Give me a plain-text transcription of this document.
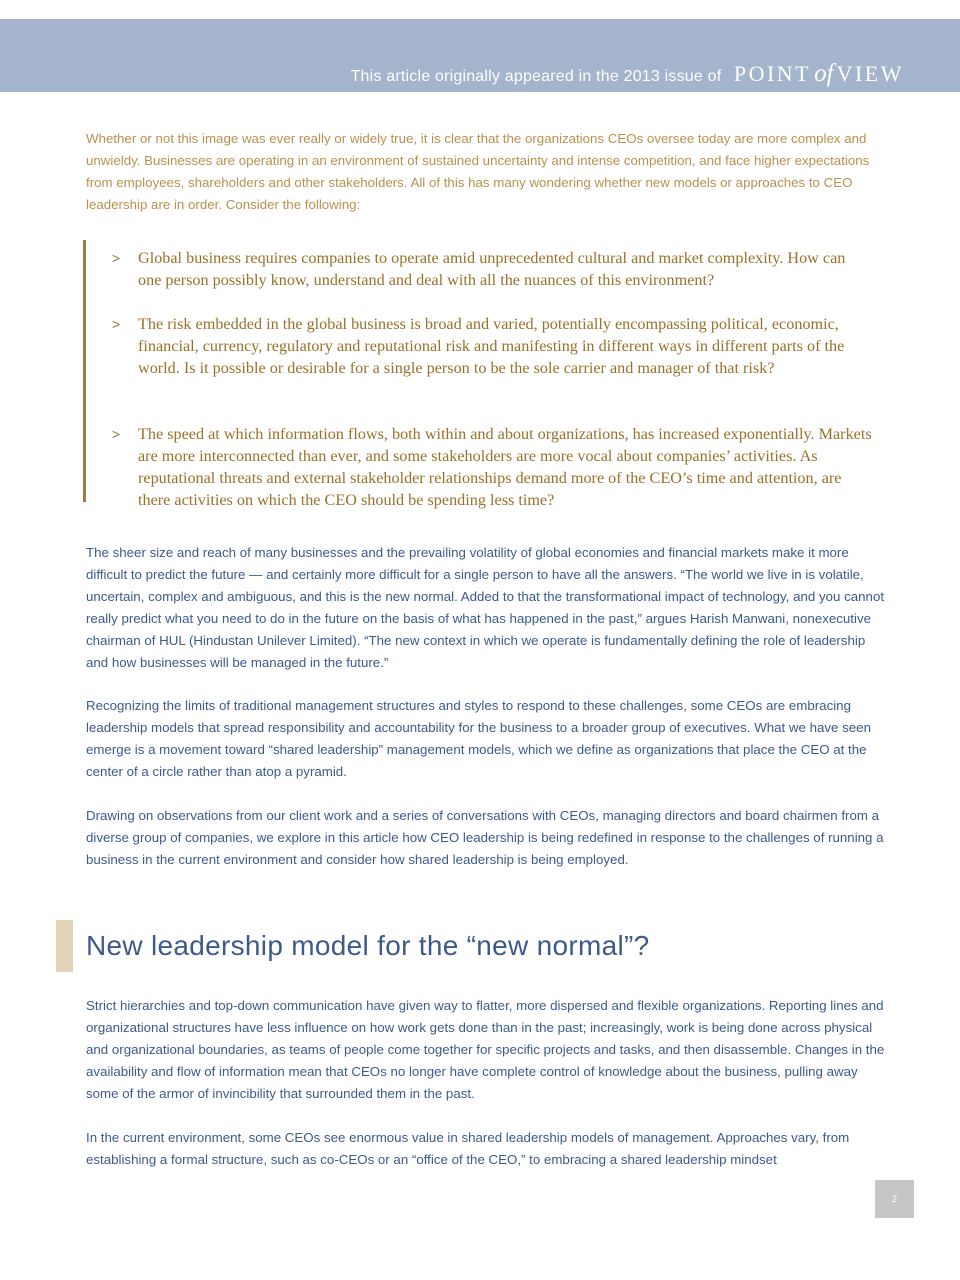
This article originally appeared in the 2013 issue of POINT of VIEW

Whether or not this image was ever really or widely true, it is clear that the organizations CEOs oversee today are more complex and unwieldy. Businesses are operating in an environment of sustained uncertainty and intense competition, and face higher expectations from employees, shareholders and other stakeholders. All of this has many wondering whether new models or approaches to CEO leadership are in order. Consider the following:

>	Global business requires companies to operate amid unprecedented cultural and market complexity. How can one person possibly know, understand and deal with all the nuances of this environment?
>	The risk embedded in the global business is broad and varied, potentially encompassing political, economic, financial, currency, regulatory and reputational risk and manifesting in different ways in different parts of the world. Is it possible or desirable for a single person to be the sole carrier and manager of that risk?
>	The speed at which information flows, both within and about organizations, has increased exponentially. Markets are more interconnected than ever, and some stakeholders are more vocal about companies’ activities. As reputational threats and external stakeholder relationships demand more of the CEO’s time and attention, are there activities on which the CEO should be spending less time?

The sheer size and reach of many businesses and the prevailing volatility of global economies and financial markets make it more difficult to predict the future — and certainly more difficult for a single person to have all the answers. “The world we live in is volatile, uncertain, complex and ambiguous, and this is the new normal. Added to that the transformational impact of technology, and you cannot really predict what you need to do in the future on the basis of what has happened in the past,” argues Harish Manwani, nonexecutive chairman of HUL (Hindustan Unilever Limited). “The new context in which we operate is fundamentally defining the role of leadership and how businesses will be managed in the future.”

Recognizing the limits of traditional management structures and styles to respond to these challenges, some CEOs are embracing leadership models that spread responsibility and accountability for the business to a broader group of executives. What we have seen emerge is a movement toward “shared leadership” management models, which we define as organizations that place the CEO at the center of a circle rather than atop a pyramid.

Drawing on observations from our client work and a series of conversations with CEOs, managing directors and board chairmen from a diverse group of companies, we explore in this article how CEO leadership is being redefined in response to the challenges of running a business in the current environment and consider how shared leadership is being employed.

New leadership model for the “new normal”?

Strict hierarchies and top-down communication have given way to flatter, more dispersed and flexible organizations. Reporting lines and organizational structures have less influence on how work gets done than in the past; increasingly, work is being done across physical and organizational boundaries, as teams of people come together for specific projects and tasks, and then disassemble. Changes in the availability and flow of information mean that CEOs no longer have complete control of knowledge about the business, pulling away some of the armor of invincibility that surrounded them in the past.

In the current environment, some CEOs see enormous value in shared leadership models of management. Approaches vary, from establishing a formal structure, such as co-CEOs or an “office of the CEO,” to embracing a shared leadership mindset

2
